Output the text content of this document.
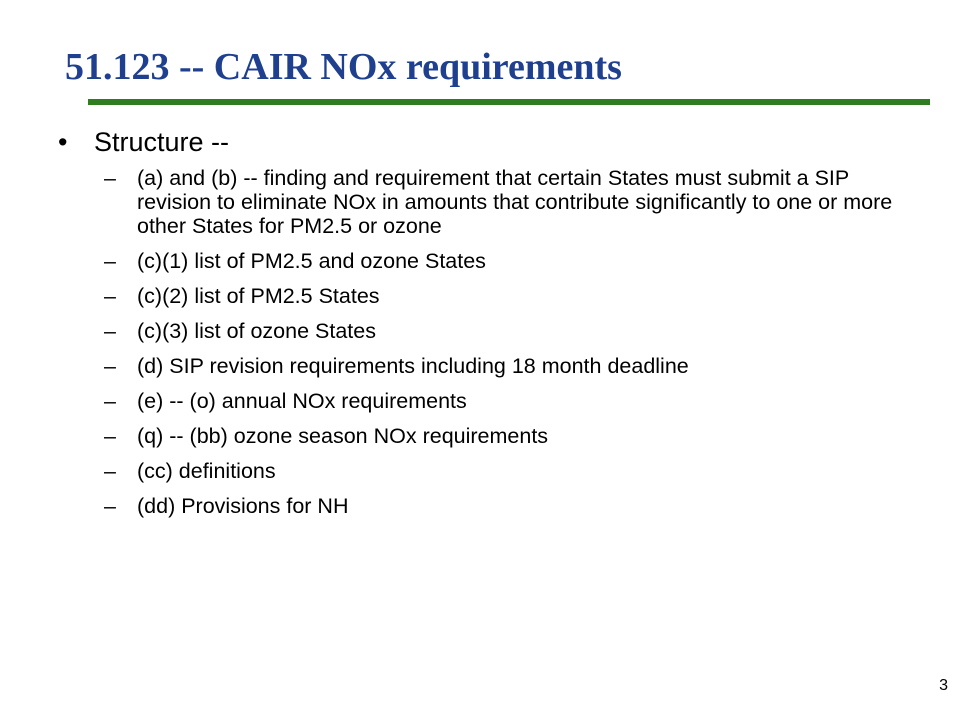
51.123 -- CAIR NOx requirements
• Structure --
– (a) and (b) -- finding and requirement that certain States must submit a SIP revision to eliminate NOx in amounts that contribute significantly to one or more other States for PM2.5 or ozone
– (c)(1) list of PM2.5 and ozone States
– (c)(2) list of PM2.5 States
– (c)(3) list of ozone States
– (d) SIP revision requirements including 18 month deadline
– (e) -- (o) annual NOx requirements
– (q) -- (bb) ozone season NOx requirements
– (cc) definitions
– (dd) Provisions for NH
3
